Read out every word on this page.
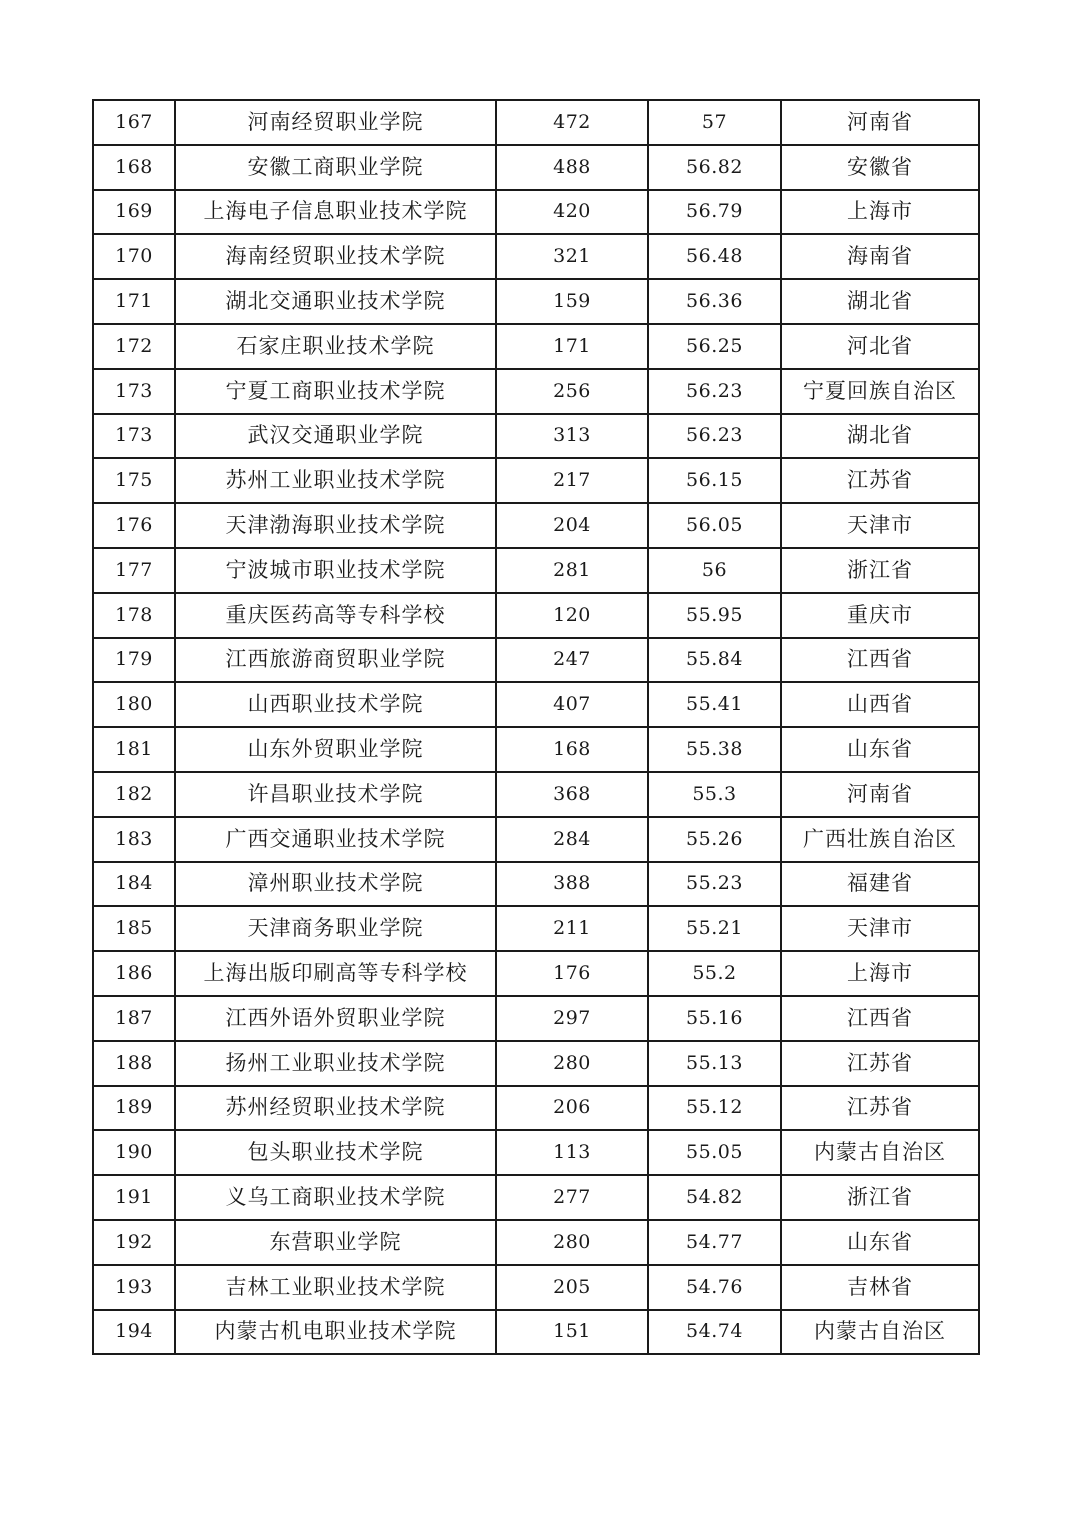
167	河南经贸职业学院	472	57	河南省
168	安徽工商职业学院	488	56.82	安徽省
169	上海电子信息职业技术学院	420	56.79	上海市
170	海南经贸职业技术学院	321	56.48	海南省
171	湖北交通职业技术学院	159	56.36	湖北省
172	石家庄职业技术学院	171	56.25	河北省
173	宁夏工商职业技术学院	256	56.23	宁夏回族自治区
173	武汉交通职业学院	313	56.23	湖北省
175	苏州工业职业技术学院	217	56.15	江苏省
176	天津渤海职业技术学院	204	56.05	天津市
177	宁波城市职业技术学院	281	56	浙江省
178	重庆医药高等专科学校	120	55.95	重庆市
179	江西旅游商贸职业学院	247	55.84	江西省
180	山西职业技术学院	407	55.41	山西省
181	山东外贸职业学院	168	55.38	山东省
182	许昌职业技术学院	368	55.3	河南省
183	广西交通职业技术学院	284	55.26	广西壮族自治区
184	漳州职业技术学院	388	55.23	福建省
185	天津商务职业学院	211	55.21	天津市
186	上海出版印刷高等专科学校	176	55.2	上海市
187	江西外语外贸职业学院	297	55.16	江西省
188	扬州工业职业技术学院	280	55.13	江苏省
189	苏州经贸职业技术学院	206	55.12	江苏省
190	包头职业技术学院	113	55.05	内蒙古自治区
191	义乌工商职业技术学院	277	54.82	浙江省
192	东营职业学院	280	54.77	山东省
193	吉林工业职业技术学院	205	54.76	吉林省
194	内蒙古机电职业技术学院	151	54.74	内蒙古自治区
